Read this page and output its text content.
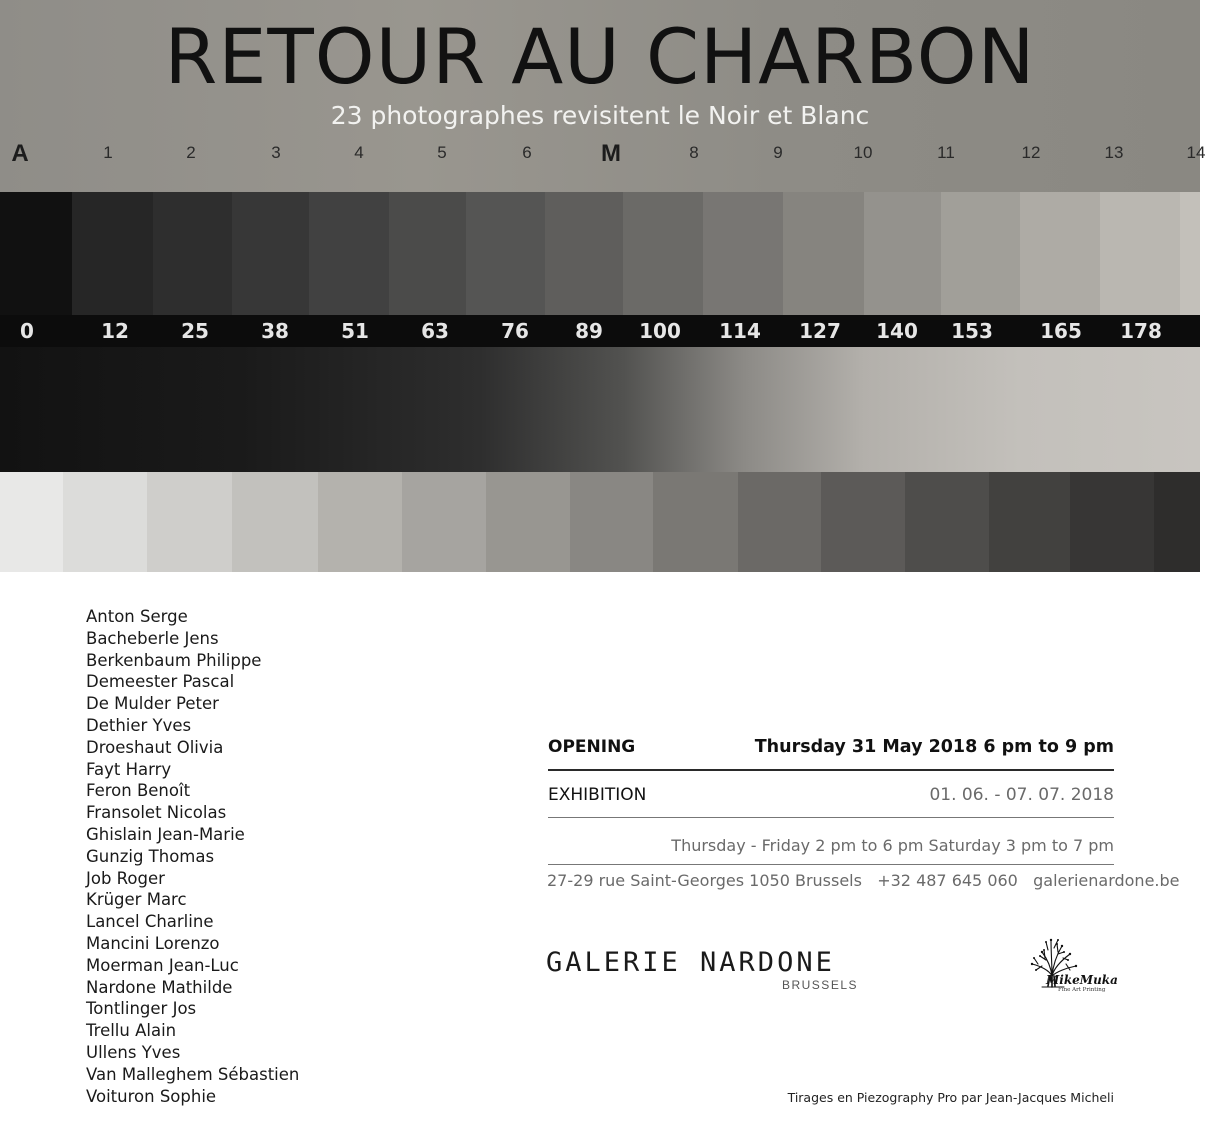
RETOUR AU CHARBON

23 photographes revisitent le Noir et Blanc

A	1	2	3	4	5	6	M	8	9	10	11	12	13	14
0	12	25	38	51	63	76 89 100 114 127 140 153 165 178
Anton Serge
Bacheberle Jens
Berkenbaum Philippe
Demeester Pascal
De Mulder Peter
Dethier Yves
Droeshaut Olivia
Fayt Harry
Feron Benoît
Fransolet Nicolas
Ghislain Jean-Marie
Gunzig Thomas
Job Roger
Krüger Marc
Lancel Charline
Mancini Lorenzo
Moerman Jean-Luc
Nardone Mathilde
Tontlinger Jos
Trellu Alain
Ullens Yves
Van Malleghem Sébastien
Voituron Sophie
OPENING	Thursday 31 May 2018 6 pm to 9 pm
EXHIBITION	01. 06. - 07. 07. 2018
Thursday - Friday 2 pm to 6 pm Saturday 3 pm to 7 pm
27-29 rue Saint-Georges 1050 Brussels +32 487 645 060 galerienardone.be
GALERIE NARDONE
BRUSSELS	MikeMuka
Fine Art Printing
Tirages en Piezography Pro par Jean-Jacques Micheli
